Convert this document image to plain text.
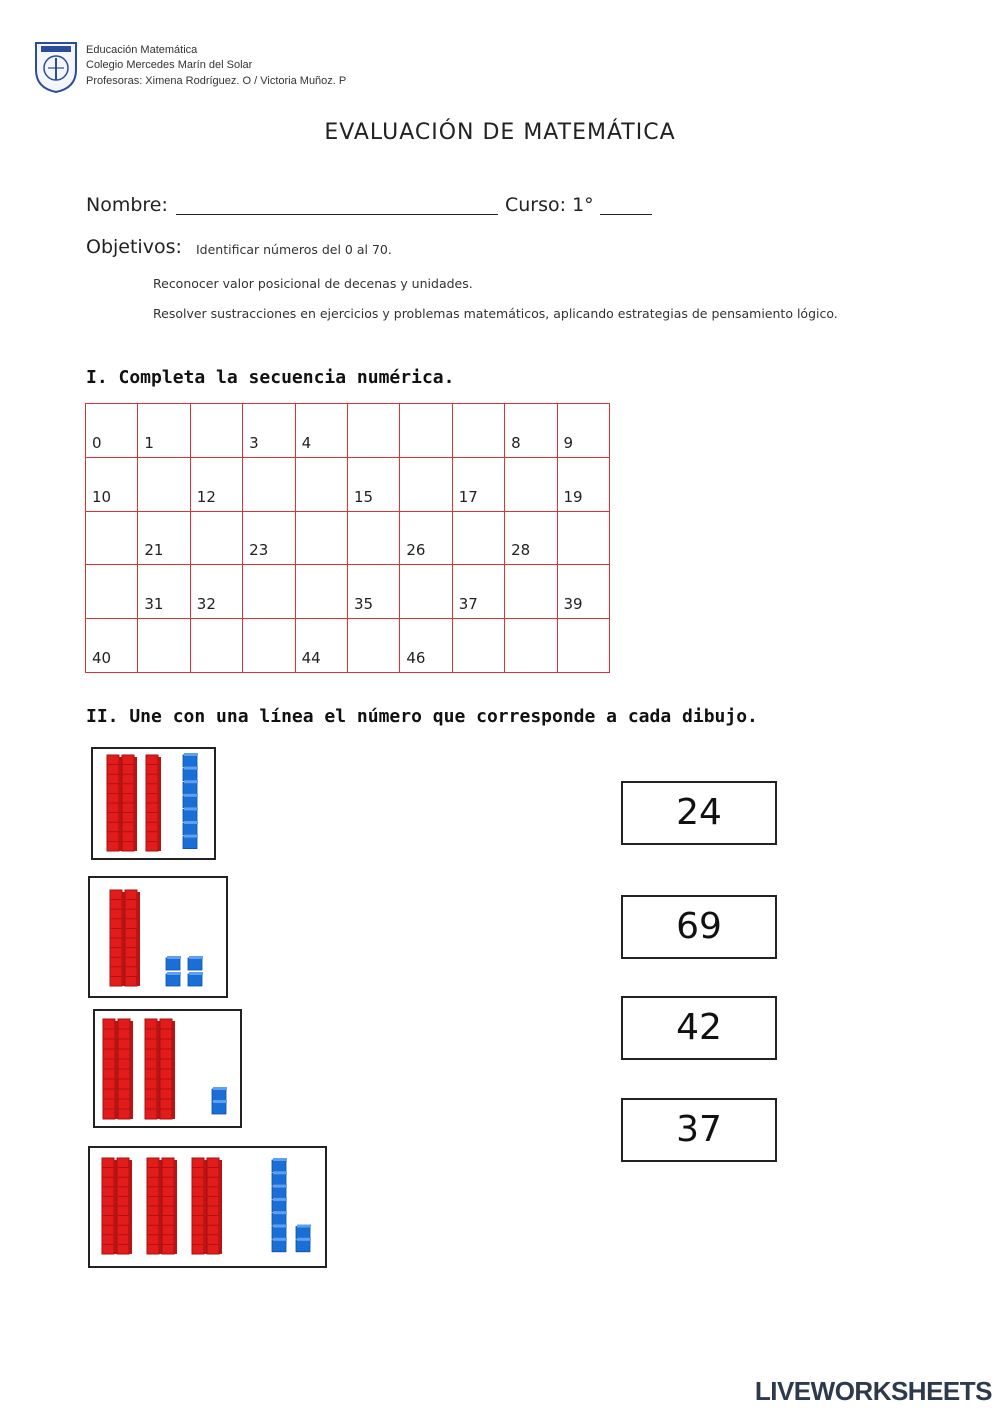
Educación Matemática
Colegio Mercedes Marín del Solar
Profesoras: Ximena Rodríguez. O / Victoria Muñoz. P
EVALUACIÓN DE MATEMÁTICA
Nombre:	Curso: 1°
Objetivos: Identificar números del 0 al 70.
Reconocer valor posicional de decenas y unidades.
Resolver sustracciones en ejercicios y problemas matemáticos, aplicando estrategias de pensamiento lógico.
I. Completa la secuencia numérica.
0	1		3	4				8	9

10		12			15		17		19

	21		23			26		28	

	31	32			35		37		39

40				44		46			

II. Une con una línea el número que corresponde a cada dibujo.
24
69
42
37
LIVEWORKSHEETS
